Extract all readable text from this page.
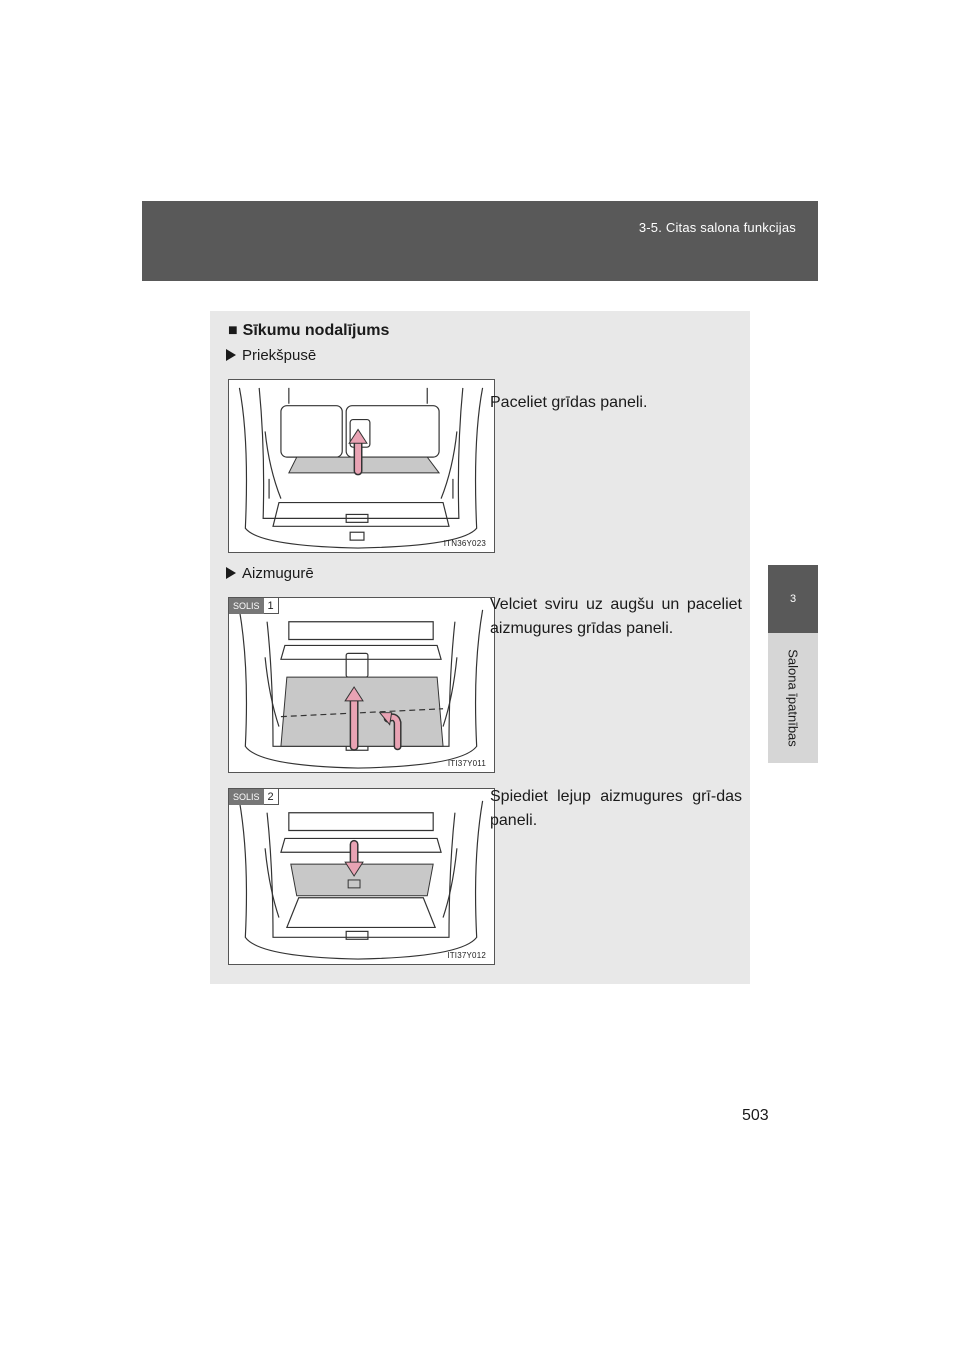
3-5. Citas salona funkcijas
3
Salona īpatnības
■ Sīkumu nodalījums
Priekšpusē
ITN36Y023
Paceliet grīdas paneli.
Aizmugurē
SOLIS 1
ITI37Y011
Velciet sviru uz augšu un paceliet aizmugures grīdas paneli.
SOLIS 2
ITI37Y012
Spiediet lejup aizmugures grī-das paneli.
503
